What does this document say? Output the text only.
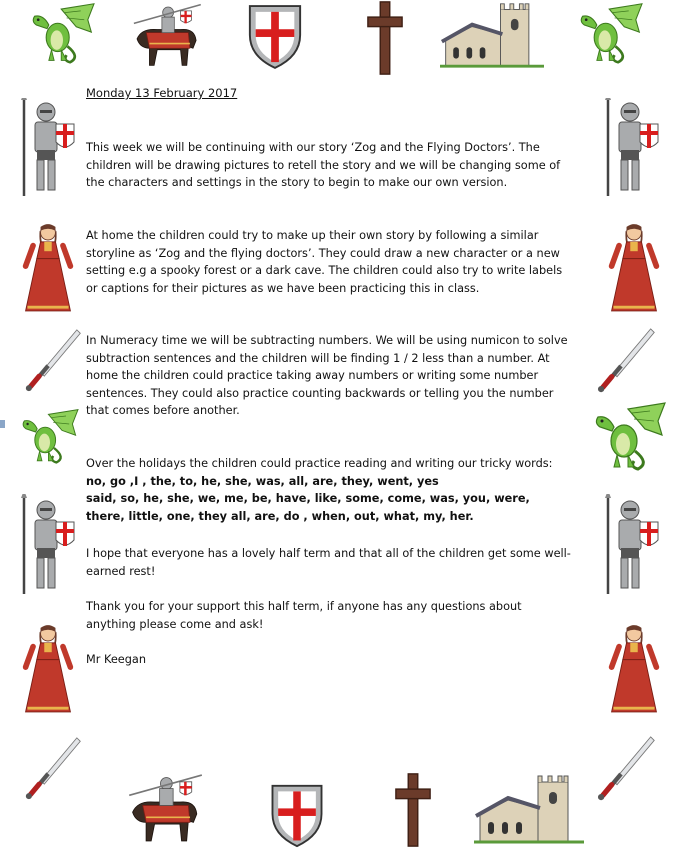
Monday 13 February 2017

This week we will be continuing with our story ‘Zog and the Flying Doctors’. The children will be drawing pictures to retell the story and we will be changing some of the characters and settings in the story to begin to make our own version.

At home the children could try to make up their own story by following a similar storyline as ‘Zog and the flying doctors’. They could draw a new character or a new setting e.g a spooky forest or a dark cave. The children could also try to write labels or captions for their pictures as we have been practicing this in class.

In Numeracy time we will be subtracting numbers. We will be using numicon to solve subtraction sentences and the children will be finding 1 / 2 less than a number. At home the children could practice taking away numbers or writing some number sentences. They could also practice counting backwards or telling you the number that comes before another.

Over the holidays the children could practice reading and writing our tricky words:

no, go ,I , the, to, he, she, was, all, are, they, went, yes

said, so, he, she, we, me, be, have, like, some, come, was, you, were,

there, little, one, they all, are, do , when, out, what, my, her.

I hope that everyone has a lovely half term and that all of the children get some well-earned rest!

Thank you for your support this half term, if anyone has any questions about anything please come and ask!

Mr Keegan
